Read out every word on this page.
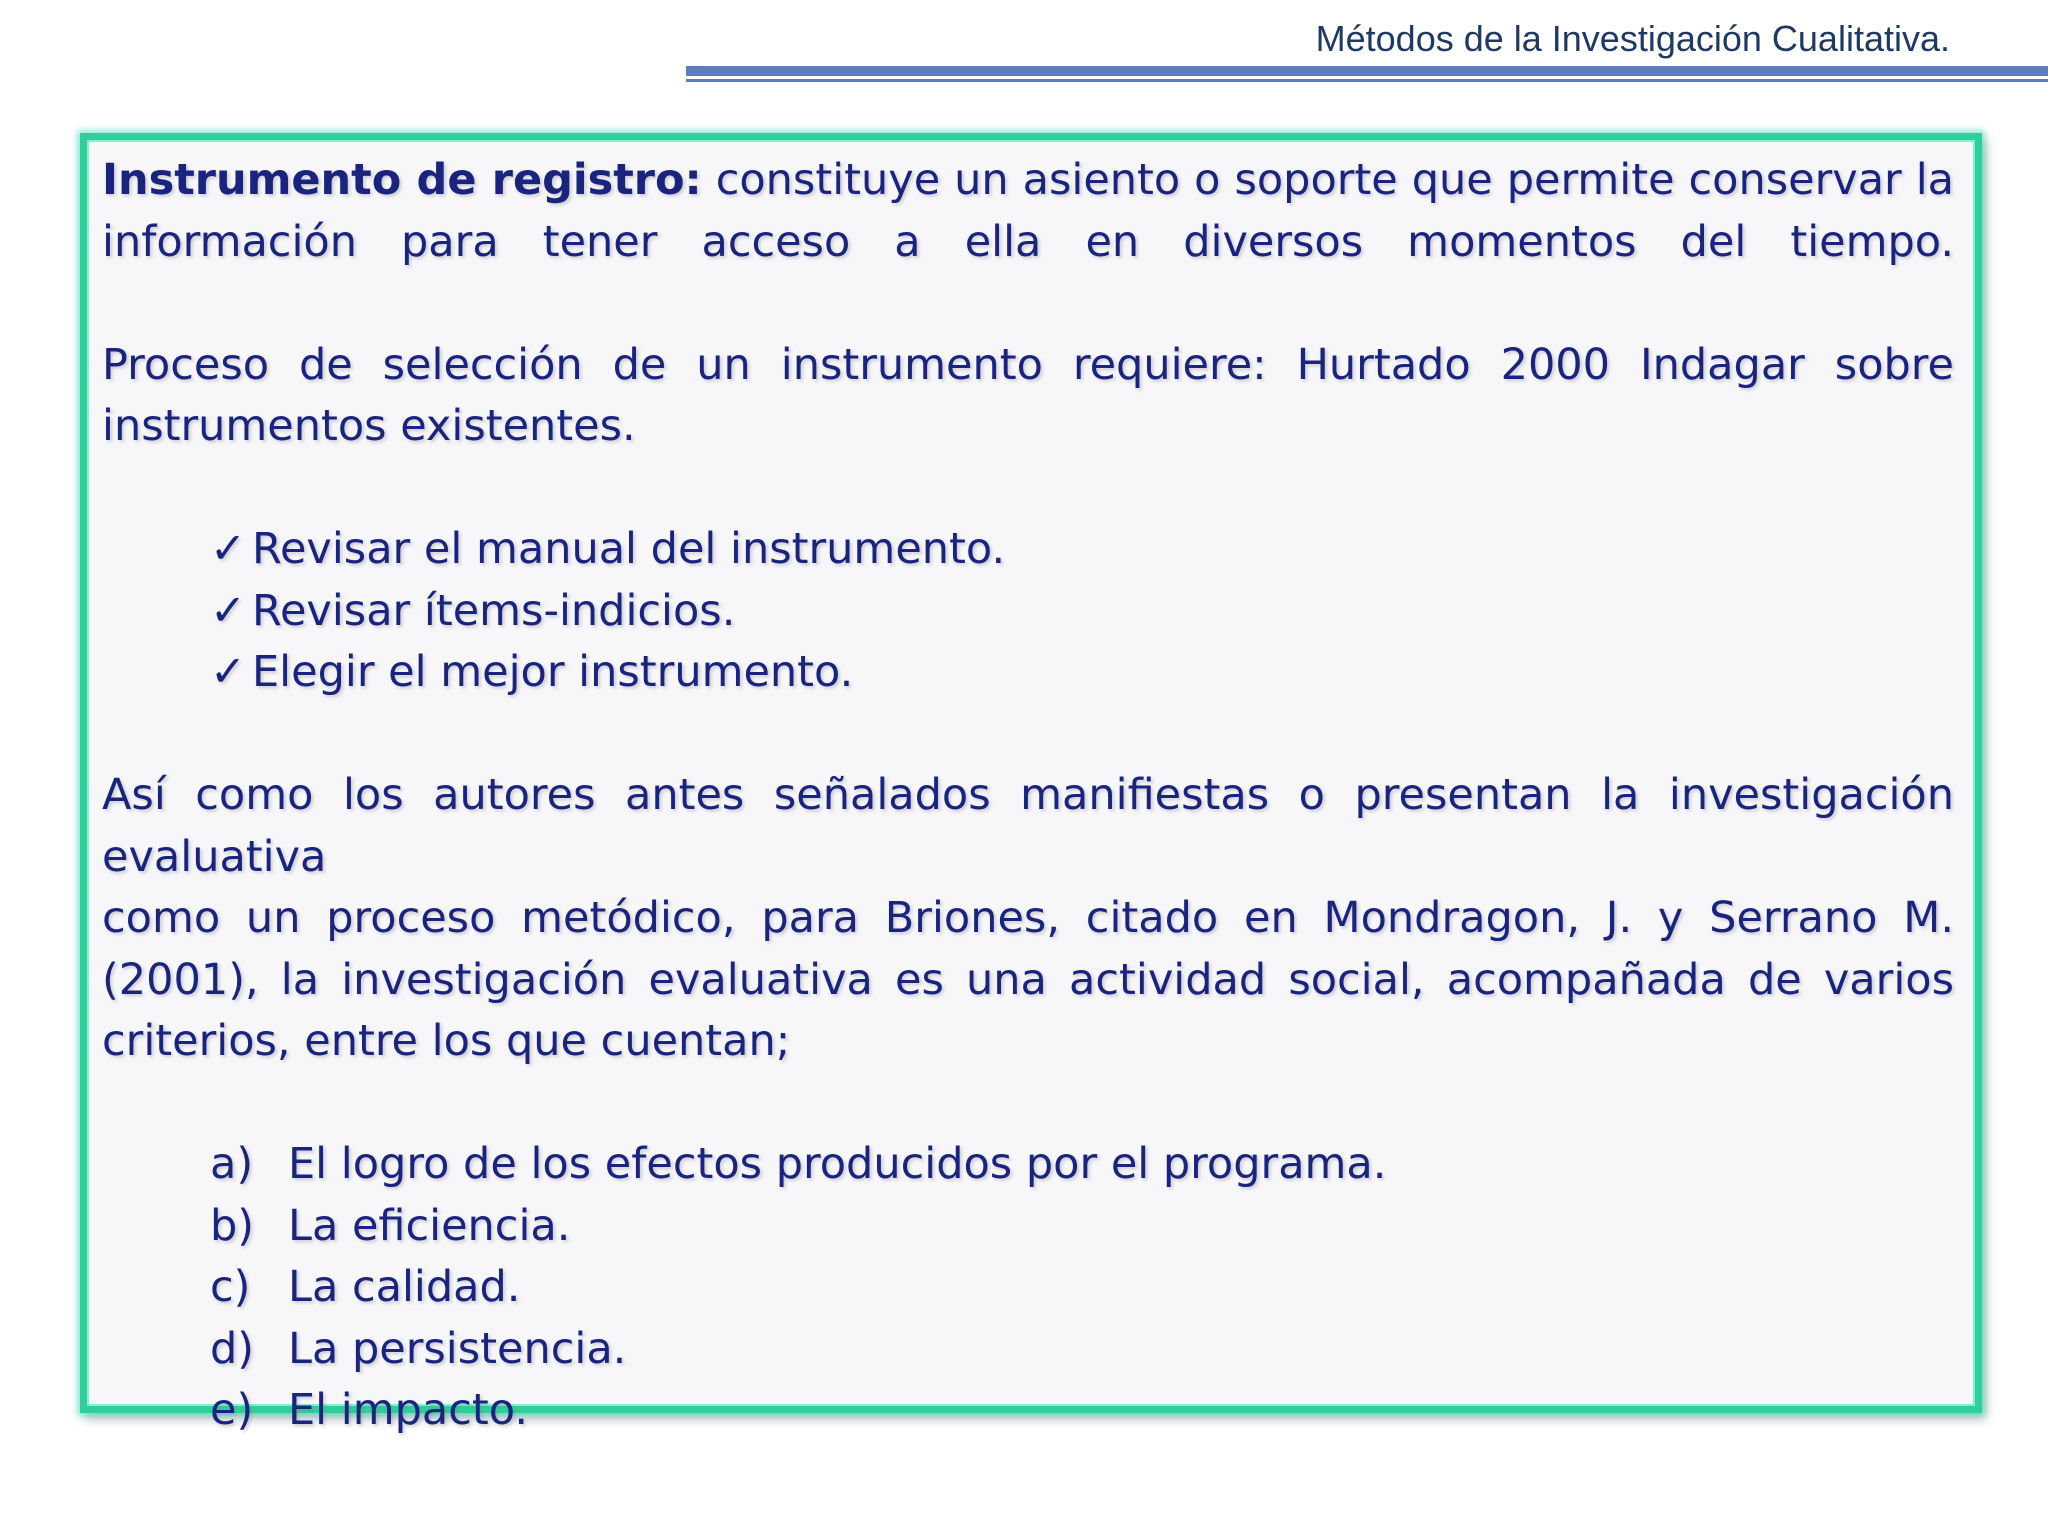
Métodos de la Investigación Cualitativa.

Instrumento de registro: constituye un asiento o soporte que permite conservar la

información para tener acceso a ella en diversos momentos del tiempo.

Proceso de selección de un instrumento requiere: Hurtado 2000 Indagar sobre

instrumentos existentes.

✓ Revisar el manual del instrumento.
✓ Revisar ítems-indicios.
✓ Elegir el mejor instrumento.

Así como los autores antes señalados manifiestas o presentan la investigación evaluativa

como un proceso metódico, para Briones, citado en Mondragon, J. y Serrano M.

(2001), la investigación evaluativa es una actividad social, acompañada de varios

criterios, entre los que cuentan;

a) El logro de los efectos producidos por el programa.
b) La eficiencia.
c) La calidad.
d) La persistencia.
e) El impacto.
